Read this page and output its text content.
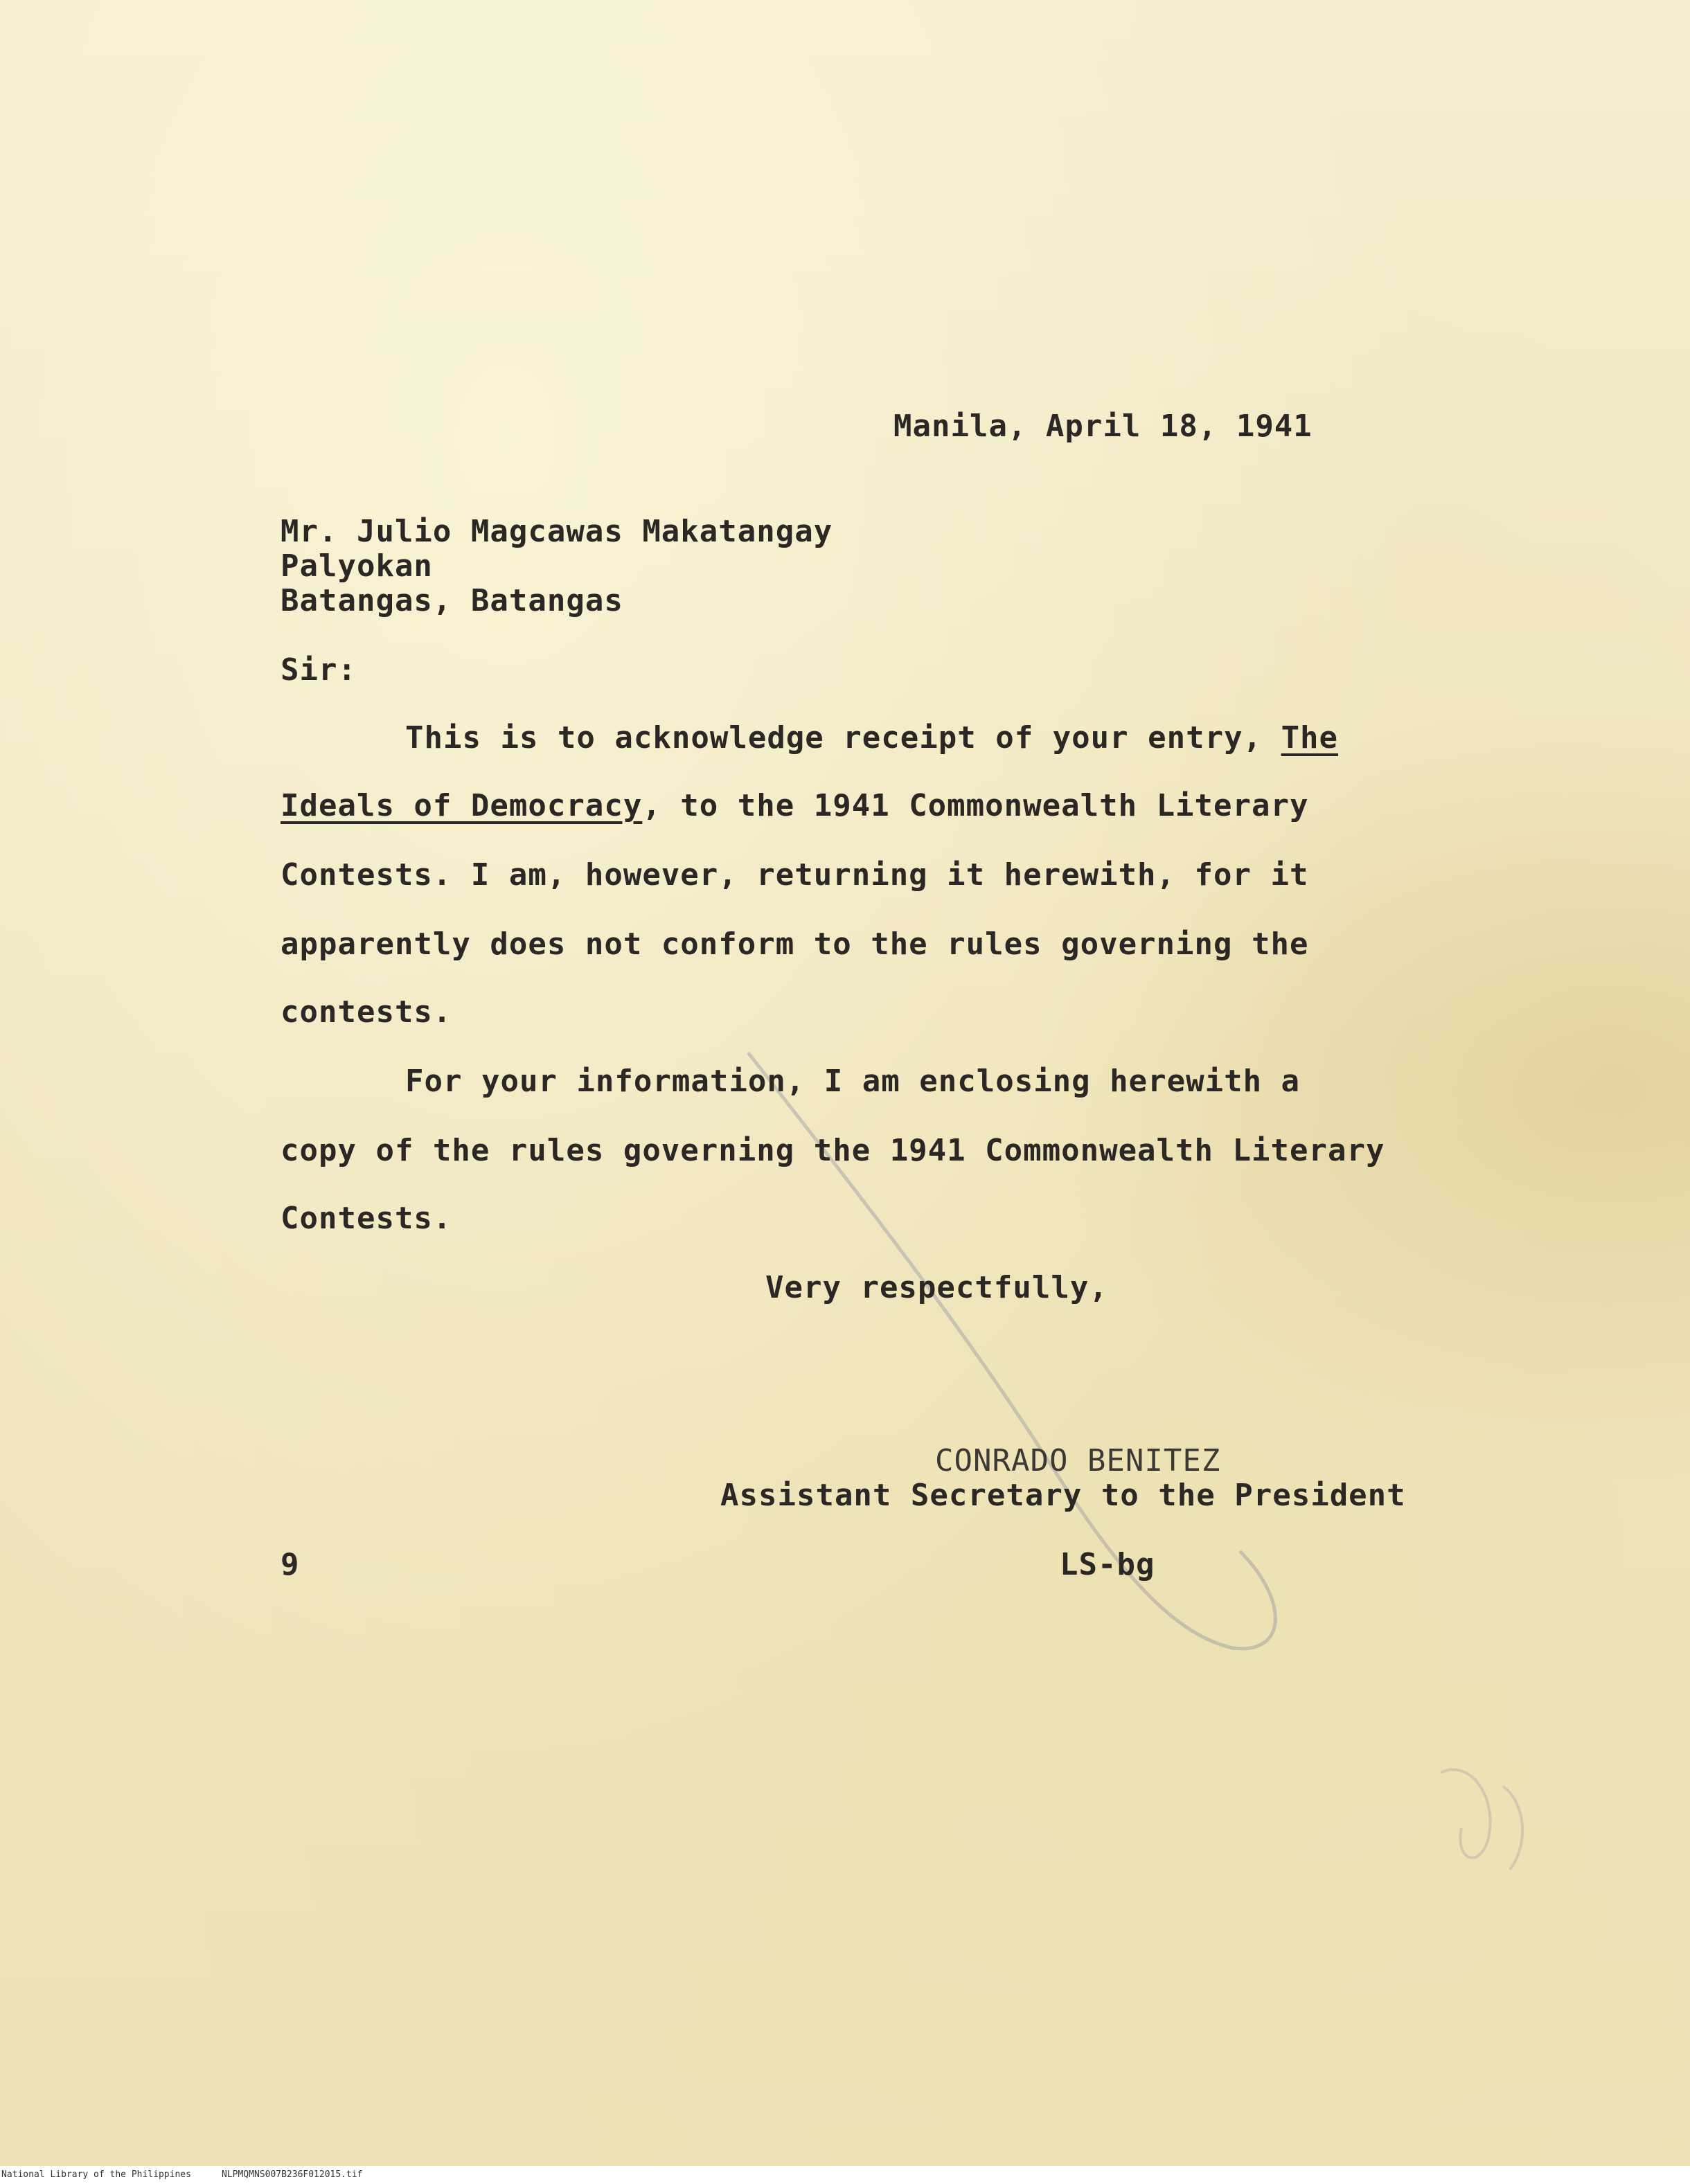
Manila, April 18, 1941
Mr. Julio Magcawas Makatangay
Palyokan
Batangas, Batangas
Sir:
This is to acknowledge receipt of your entry, The
Ideals of Democracy, to the 1941 Commonwealth Literary
Contests. I am, however, returning it herewith, for it
apparently does not conform to the rules governing the
contests.
For your information, I am enclosing herewith a
copy of the rules governing the 1941 Commonwealth Literary
Contests.
Very respectfully,
CONRADO BENITEZ
Assistant Secretary to the President
9	LS-bg
National Library of the Philippines	NLPMQMNS007B236F012015.tif
